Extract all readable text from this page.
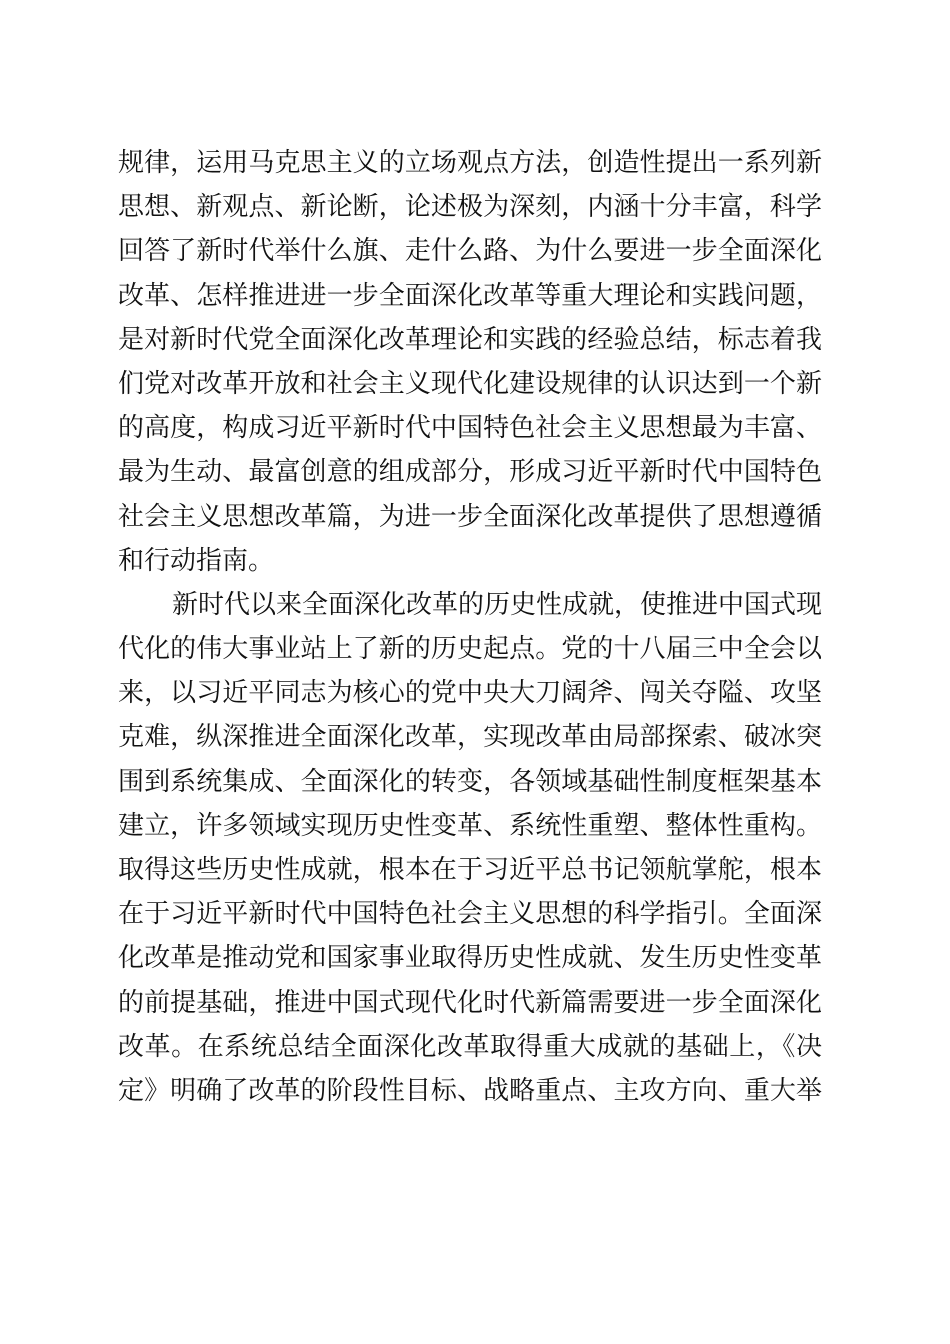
规律，运用马克思主义的立场观点方法，创造性提出一系列新
思想、新观点、新论断，论述极为深刻，内涵十分丰富，科学
回答了新时代举什么旗、走什么路、为什么要进一步全面深化
改革、怎样推进进一步全面深化改革等重大理论和实践问题，
是对新时代党全面深化改革理论和实践的经验总结，标志着我
们党对改革开放和社会主义现代化建设规律的认识达到一个新
的高度，构成习近平新时代中国特色社会主义思想最为丰富、
最为生动、最富创意的组成部分，形成习近平新时代中国特色
社会主义思想改革篇，为进一步全面深化改革提供了思想遵循
和行动指南。
新时代以来全面深化改革的历史性成就，使推进中国式现
代化的伟大事业站上了新的历史起点。党的十八届三中全会以
来，以习近平同志为核心的党中央大刀阔斧、闯关夺隘、攻坚
克难，纵深推进全面深化改革，实现改革由局部探索、破冰突
围到系统集成、全面深化的转变，各领域基础性制度框架基本
建立，许多领域实现历史性变革、系统性重塑、整体性重构。
取得这些历史性成就，根本在于习近平总书记领航掌舵，根本
在于习近平新时代中国特色社会主义思想的科学指引。全面深
化改革是推动党和国家事业取得历史性成就、发生历史性变革
的前提基础，推进中国式现代化时代新篇需要进一步全面深化
改革。在系统总结全面深化改革取得重大成就的基础上，《决
定》明确了改革的阶段性目标、战略重点、主攻方向、重大举
